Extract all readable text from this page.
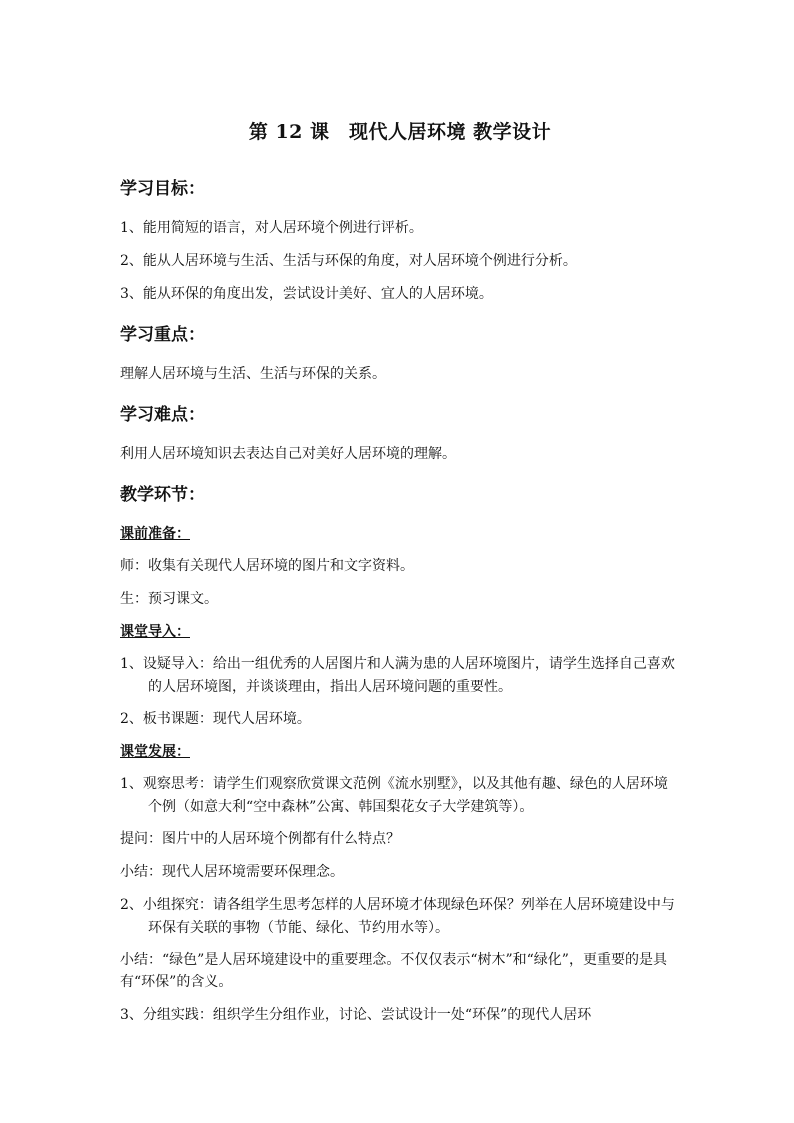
第 12 课　现代人居环境 教学设计
学习目标：
1、能用简短的语言，对人居环境个例进行评析。
2、能从人居环境与生活、生活与环保的角度，对人居环境个例进行分析。
3、能从环保的角度出发，尝试设计美好、宜人的人居环境。
学习重点：
理解人居环境与生活、生活与环保的关系。
学习难点：
利用人居环境知识去表达自己对美好人居环境的理解。
教学环节：
课前准备：
师：收集有关现代人居环境的图片和文字资料。
生：预习课文。
课堂导入：
1、设疑导入：给出一组优秀的人居图片和人满为患的人居环境图片，请学生选择自己喜欢的人居环境图，并谈谈理由，指出人居环境问题的重要性。
2、板书课题：现代人居环境。
课堂发展：
1、观察思考：请学生们观察欣赏课文范例《流水别墅》，以及其他有趣、绿色的人居环境个例（如意大利“空中森林”公寓、韩国梨花女子大学建筑等）。
提问：图片中的人居环境个例都有什么特点？
小结：现代人居环境需要环保理念。
2、小组探究：请各组学生思考怎样的人居环境才体现绿色环保？列举在人居环境建设中与环保有关联的事物（节能、绿化、节约用水等）。
小结：“绿色”是人居环境建设中的重要理念。不仅仅表示“树木”和“绿化”，更重要的是具有“环保”的含义。
3、分组实践：组织学生分组作业，讨论、尝试设计一处“环保”的现代人居环
